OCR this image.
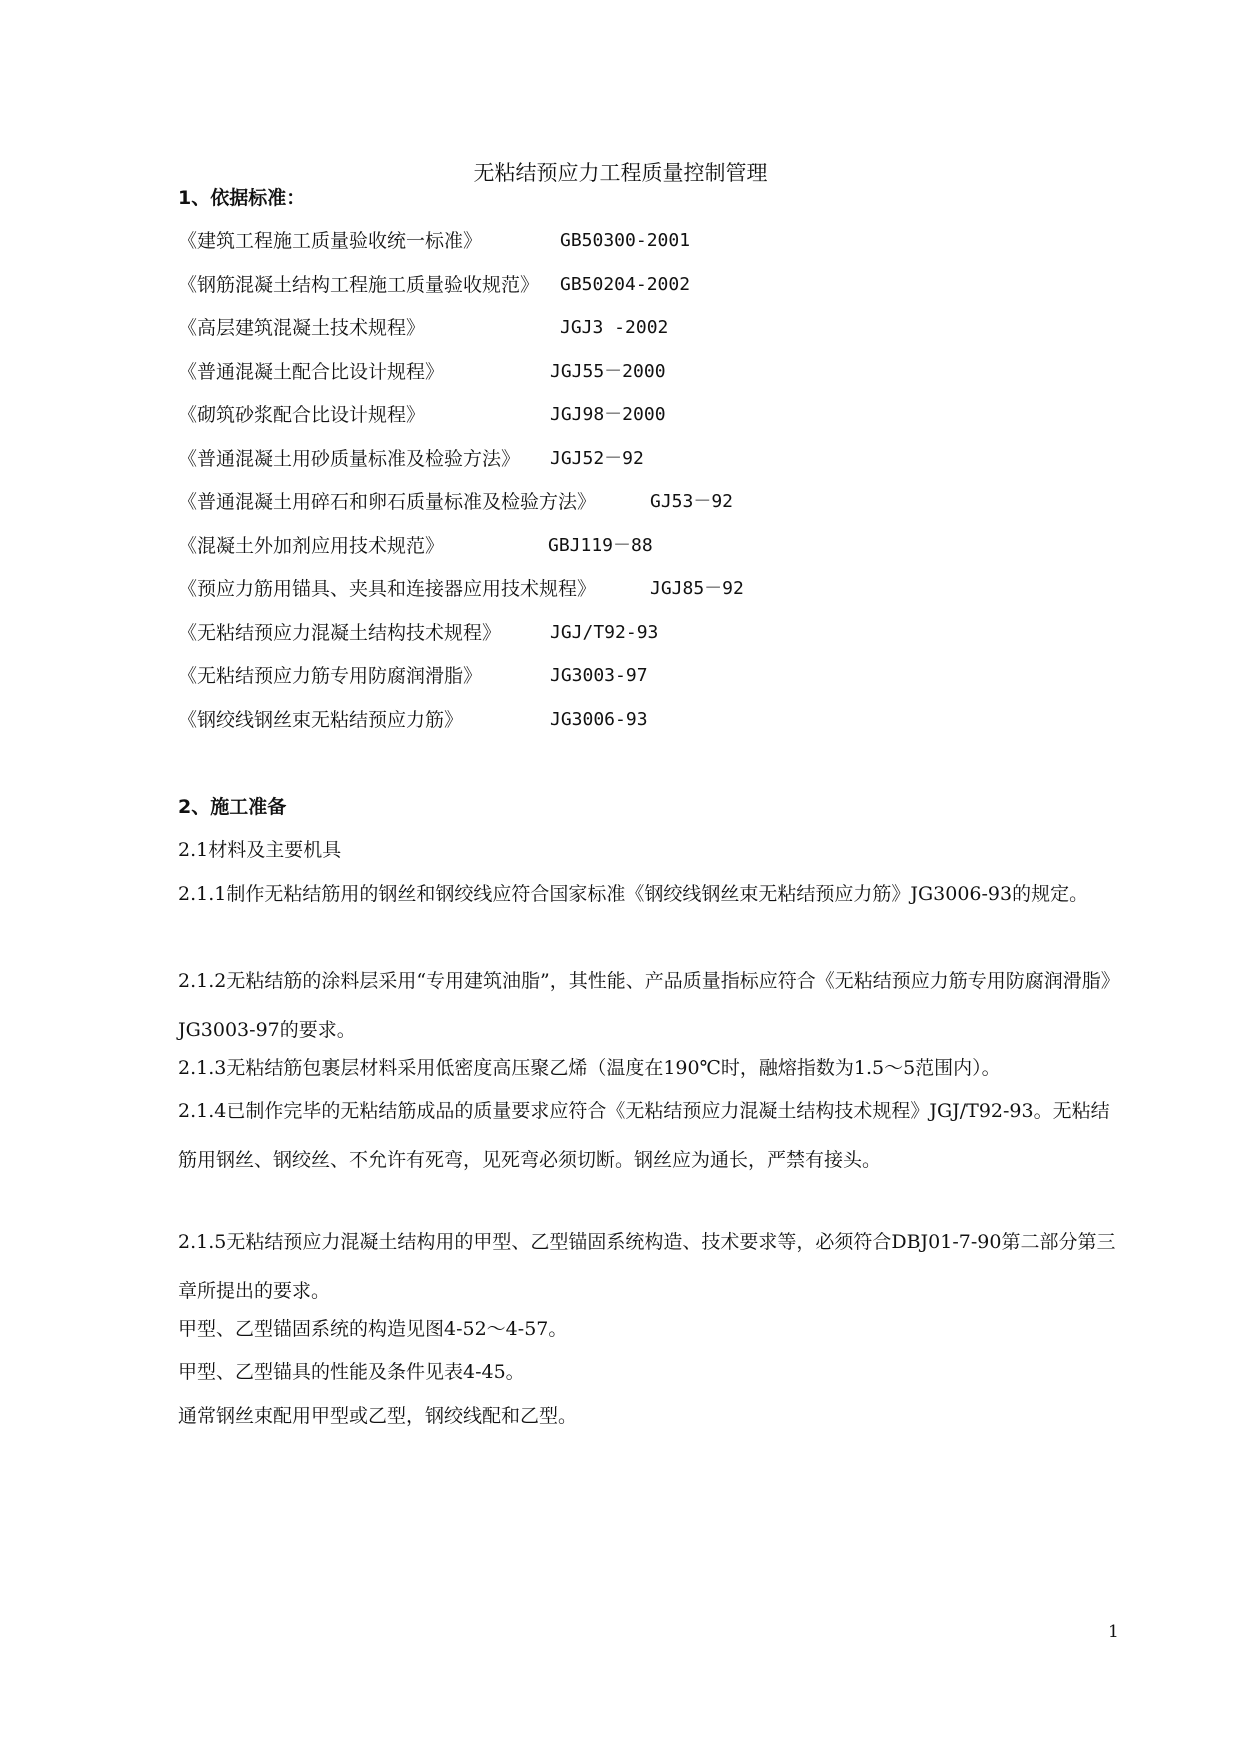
无粘结预应力工程质量控制管理
1、依据标准：
《建筑工程施工质量验收统一标准》	GB50300-2001
《钢筋混凝土结构工程施工质量验收规范》 GB50204-2002
《高层建筑混凝土技术规程》	JGJ3 -2002
《普通混凝土配合比设计规程》	JGJ55－2000
《砌筑砂浆配合比设计规程》	JGJ98－2000
《普通混凝土用砂质量标准及检验方法》 JGJ52－92
《普通混凝土用碎石和卵石质量标准及检验方法》	GJ53－92
《混凝土外加剂应用技术规范》	GBJ119－88
《预应力筋用锚具、夹具和连接器应用技术规程》	JGJ85－92
《无粘结预应力混凝土结构技术规程》	JGJ/T92-93
《无粘结预应力筋专用防腐润滑脂》	JG3003-97
《钢绞线钢丝束无粘结预应力筋》	JG3006-93
2、施工准备

2.1材料及主要机具

2.1.1制作无粘结筋用的钢丝和钢绞线应符合国家标准《钢绞线钢丝束无粘结预应力筋》JG3006-93的规定。

2.1.2无粘结筋的涂料层采用“专用建筑油脂”，其性能、产品质量指标应符合《无粘结预应力筋专用防腐润滑脂》JG3003-97的要求。

2.1.3无粘结筋包裹层材料采用低密度高压聚乙烯（温度在190℃时，融熔指数为1.5～5范围内）。

2.1.4已制作完毕的无粘结筋成品的质量要求应符合《无粘结预应力混凝土结构技术规程》JGJ/T92-93。无粘结筋用钢丝、钢绞丝、不允许有死弯，见死弯必须切断。钢丝应为通长，严禁有接头。

2.1.5无粘结预应力混凝土结构用的甲型、乙型锚固系统构造、技术要求等，必须符合DBJ01-7-90第二部分第三章所提出的要求。

甲型、乙型锚固系统的构造见图4-52～4-57。

甲型、乙型锚具的性能及条件见表4-45。

通常钢丝束配用甲型或乙型，钢绞线配和乙型。

1
